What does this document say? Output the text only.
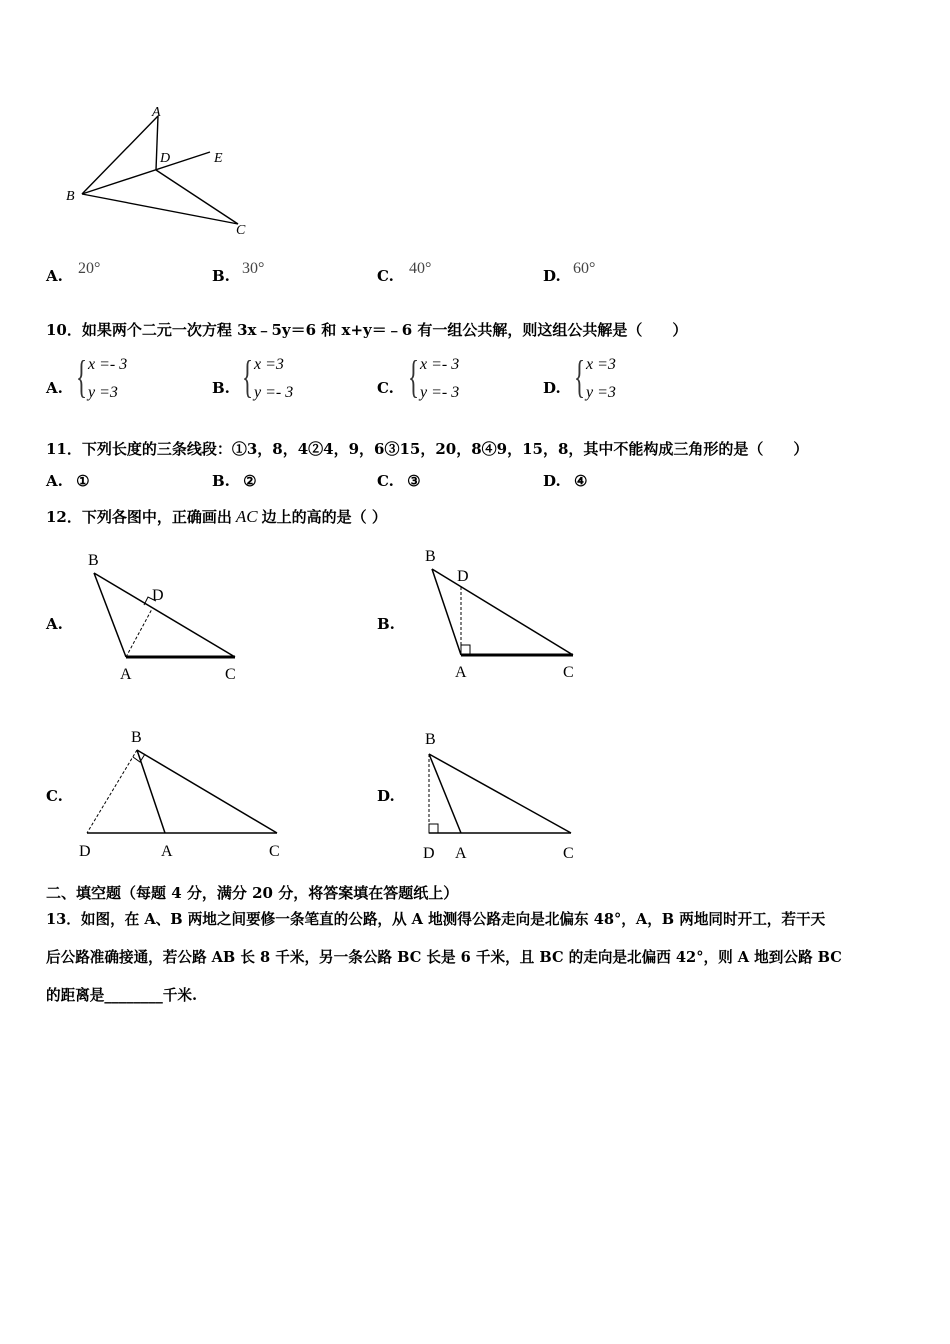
A
D	E
B
C
A. 20°	B. 30°	C. 40°	D. 60°
10．如果两个二元一次方程 3x﹣5y＝6 和 x+y＝﹣6 有一组公共解，则这组公共解是（　　）
A. { x =- 3
y =3	B. { x =3
y =- 3	C. { x =- 3
y =- 3	D. { x =3
y =3
11．下列长度的三条线段：①3，8，4②4，9，6③15，20，8④9，15，8，其中不能构成三角形的是（　　）
A. ①	B. ②	C. ③	D. ④
12．下列各图中，正确画出 AC 边上的高的是（ ）
A.
B
D
A	C
B.
B
D
A	C
C.
B
D	A	C
D.
B
D A	C
二、填空题（每题 4 分，满分 20 分，将答案填在答题纸上）
13．如图，在 A、B 两地之间要修一条笔直的公路，从 A 地测得公路走向是北偏东 48°，A，B 两地同时开工，若干天
后公路准确接通，若公路 AB 长 8 千米，另一条公路 BC 长是 6 千米，且 BC 的走向是北偏西 42°，则 A 地到公路 BC
的距离是________千米.
